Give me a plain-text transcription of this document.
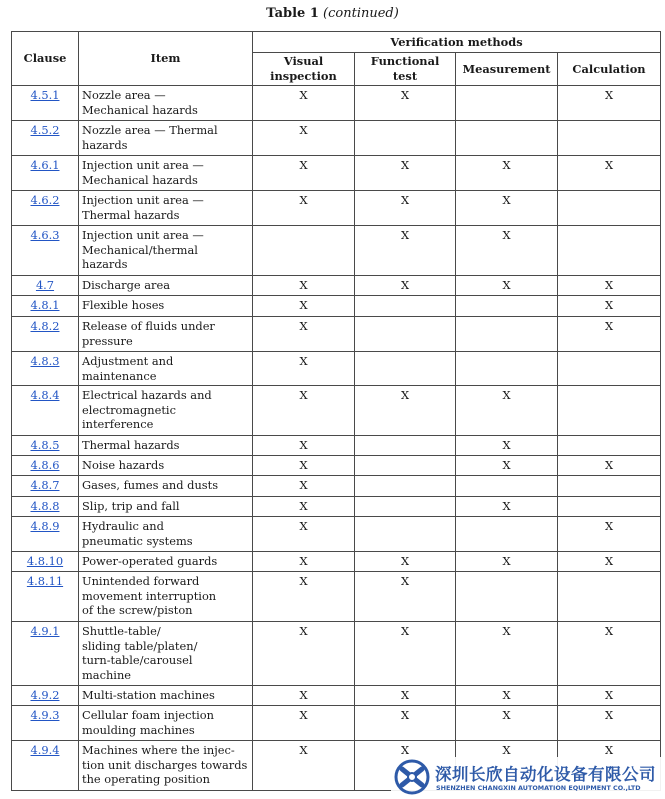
Table 1 (continued)
Clause	Item	Verification methods			
		Visual
inspection	Functional
test	Measurement	Calculation
4.5.1	Nozzle area —
Mechanical hazards	X	X		X
4.5.2	Nozzle area — Thermal
hazards	X			
4.6.1	Injection unit area —
Mechanical hazards	X	X	X	X
4.6.2	Injection unit area —
Thermal hazards	X	X	X	
4.6.3	Injection unit area —
Mechanical/thermal
hazards		X	X	
4.7	Discharge area	X	X	X	X
4.8.1	Flexible hoses	X			X
4.8.2	Release of fluids under
pressure	X			X
4.8.3	Adjustment and
maintenance	X			
4.8.4	Electrical hazards and
electromagnetic
interference	X	X	X	
4.8.5	Thermal hazards	X		X	
4.8.6	Noise hazards	X		X	X
4.8.7	Gases, fumes and dusts	X			
4.8.8	Slip, trip and fall	X		X	
4.8.9	Hydraulic and
pneumatic systems	X			X
4.8.10	Power-operated guards	X	X	X	X
4.8.11	Unintended forward
movement interruption
of the screw/piston	X	X		
4.9.1	Shuttle-table/
sliding table/platen/
turn-table/carousel
machine	X	X	X	X
4.9.2	Multi-station machines	X	X	X	X
4.9.3	Cellular foam injection
moulding machines	X	X	X	X
4.9.4	Machines where the injec-
tion unit discharges towards
the operating position	X	X	X	X
深圳长欣自动化设备有限公司
SHENZHEN CHANGXIN AUTOMATION EQUIPMENT CO.,LTD
